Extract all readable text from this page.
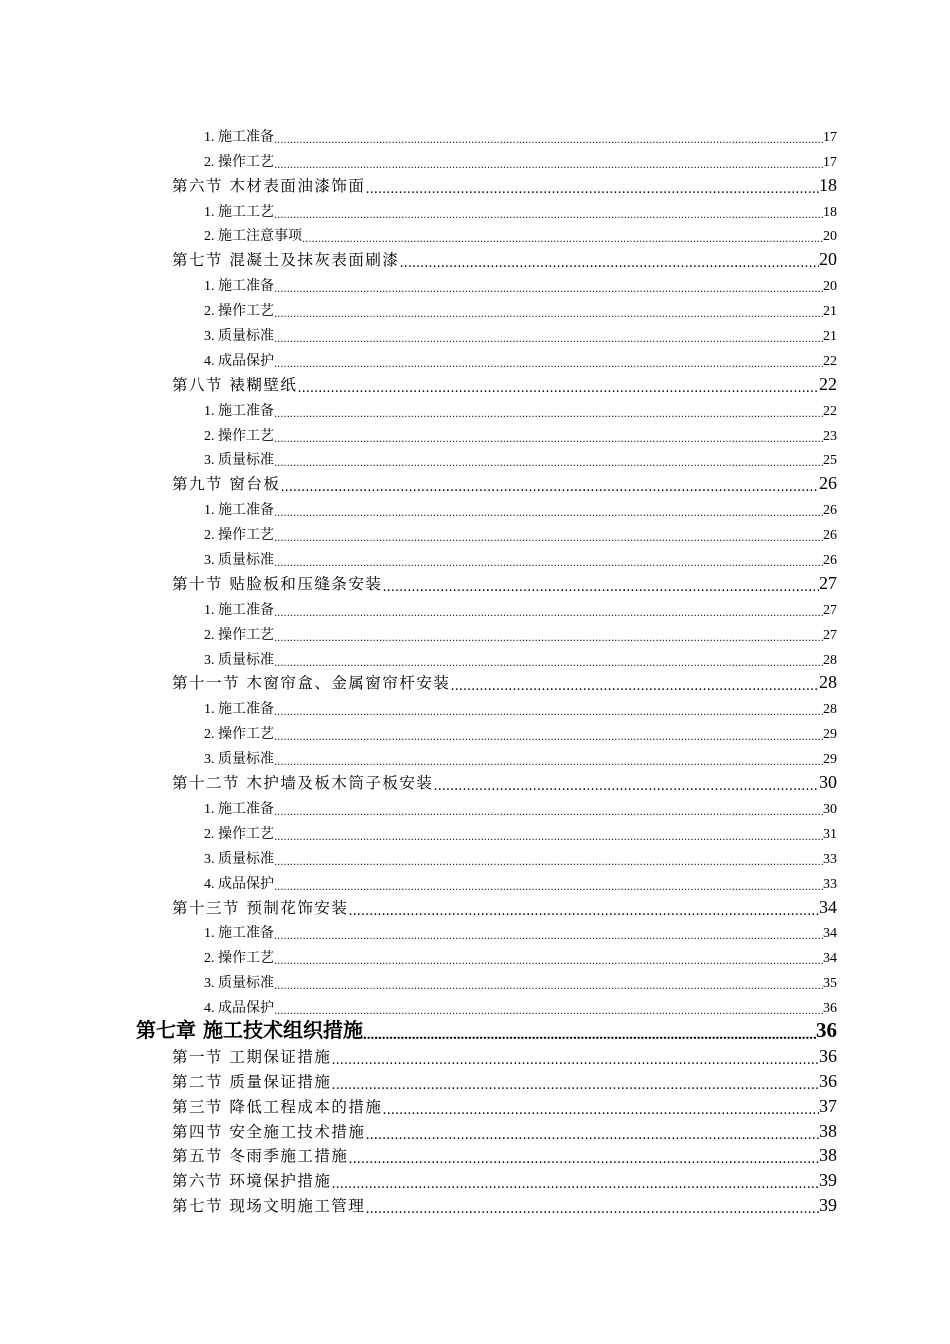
1. 施工准备 .....	17
2. 操作工艺 .....	17
第六节 木材表面油漆饰面 .....	18
1. 施工工艺 .....	18
2. 施工注意事项 .....	20
第七节 混凝土及抹灰表面刷漆 .....	20
1. 施工准备 .....	20
2. 操作工艺 .....	21
3. 质量标准 .....	21
4. 成品保护 .....	22
第八节 裱糊壁纸 .....	22
1. 施工准备 .....	22
2. 操作工艺 .....	23
3. 质量标准 .....	25
第九节 窗台板 .....	26
1. 施工准备 .....	26
2. 操作工艺 .....	26
3. 质量标准 .....	26
第十节 贴脸板和压缝条安装 .....	27
1. 施工准备 .....	27
2. 操作工艺 .....	27
3. 质量标准 .....	28
第十一节 木窗帘盒、金属窗帘杆安装 .....	28
1. 施工准备 .....	28
2. 操作工艺 .....	29
3. 质量标准 .....	29
第十二节 木护墙及板木筒子板安装 .....	30
1. 施工准备 .....	30
2. 操作工艺 .....	31
3. 质量标准 .....	33
4. 成品保护 .....	33
第十三节 预制花饰安装 .....	34
1. 施工准备 .....	34
2. 操作工艺 .....	34
3. 质量标准 .....	35
4. 成品保护 .....	36
第七章 施工技术组织措施 .....	36
第一节 工期保证措施 .....	36
第二节 质量保证措施 .....	36
第三节 降低工程成本的措施 .....	37
第四节 安全施工技术措施 .....	38
第五节 冬雨季施工措施 .....	38
第六节 环境保护措施 .....	39
第七节 现场文明施工管理 .....	39
